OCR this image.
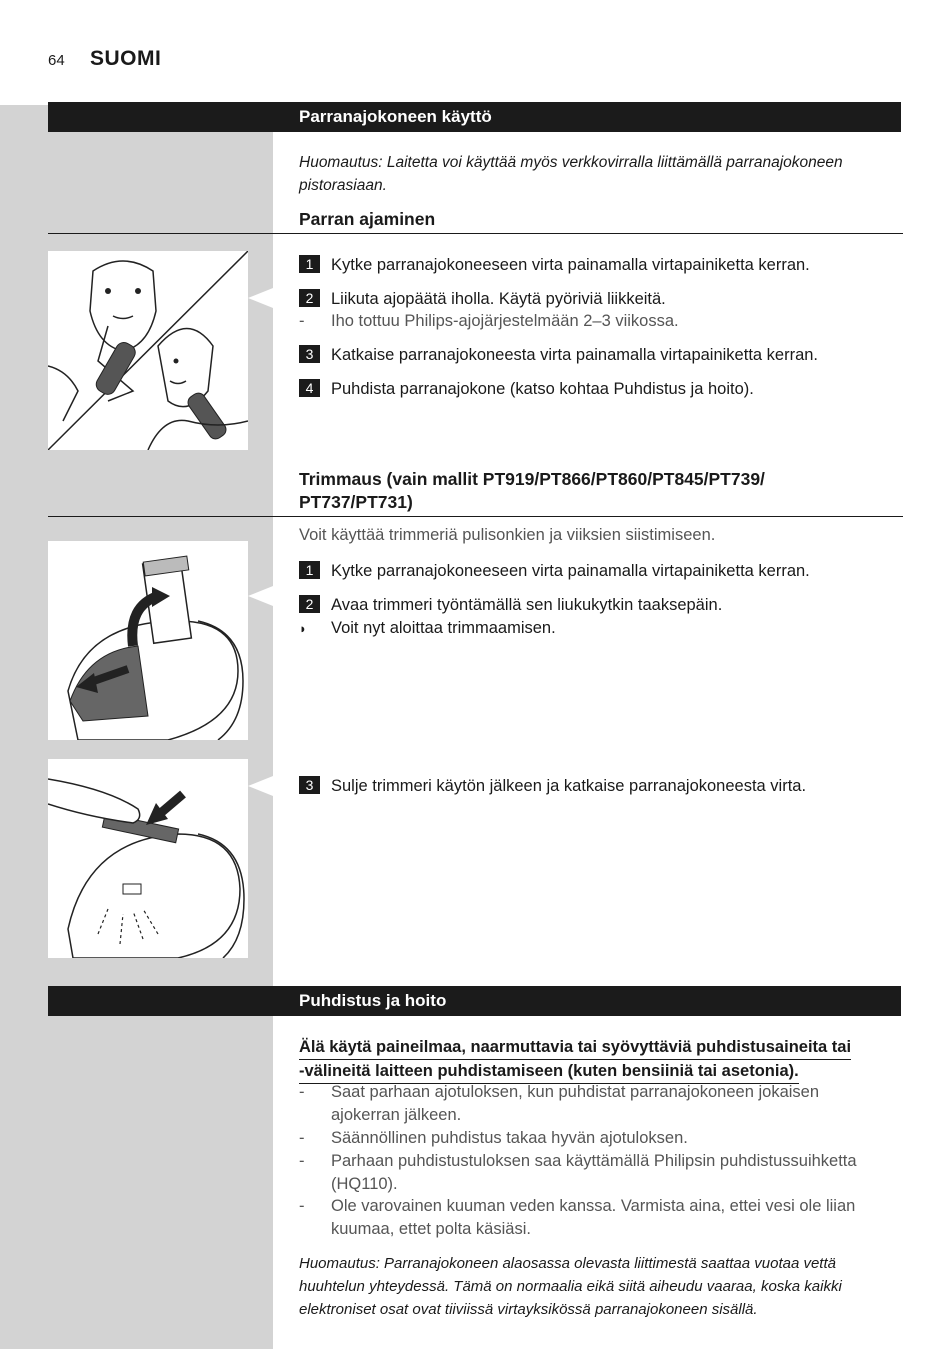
64 SUOMI
Parranajokoneen käyttö
Huomautus: Laitetta voi käyttää myös verkkovirralla liittämällä parranajokoneen pistorasiaan.
Parran ajaminen
1 Kytke parranajokoneeseen virta painamalla virtapainiketta kerran.
2 Liikuta ajopäätä iholla. Käytä pyöriviä liikkeitä.
- Iho tottuu Philips-ajojärjestelmään 2–3 viikossa.
3 Katkaise parranajokoneesta virta painamalla virtapainiketta kerran.
4 Puhdista parranajokone (katso kohtaa Puhdistus ja hoito).
Trimmaus (vain mallit PT919/PT866/PT860/PT845/PT739/
PT737/PT731)
Voit käyttää trimmeriä pulisonkien ja viiksien siistimiseen.
1 Kytke parranajokoneeseen virta painamalla virtapainiketta kerran.
2 Avaa trimmeri työntämällä sen liukukytkin taaksepäin.
◗ Voit nyt aloittaa trimmaamisen.
3 Sulje trimmeri käytön jälkeen ja katkaise parranajokoneesta virta.
Puhdistus ja hoito
Älä käytä paineilmaa, naarmuttavia tai syövyttäviä puhdistusaineita tai
-välineitä laitteen puhdistamiseen (kuten bensiiniä tai asetonia).
- Saat parhaan ajotuloksen, kun puhdistat parranajokoneen jokaisen ajokerran jälkeen.
- Säännöllinen puhdistus takaa hyvän ajotuloksen.
- Parhaan puhdistustuloksen saa käyttämällä Philipsin puhdistussuihketta (HQ110).
- Ole varovainen kuuman veden kanssa. Varmista aina, ettei vesi ole liian kuumaa, ettet polta käsiäsi.
Huomautus: Parranajokoneen alaosassa olevasta liittimestä saattaa vuotaa vettä huuhtelun yhteydessä. Tämä on normaalia eikä siitä aiheudu vaaraa, koska kaikki elektroniset osat ovat tiiviissä virtayksikössä parranajokoneen sisällä.
